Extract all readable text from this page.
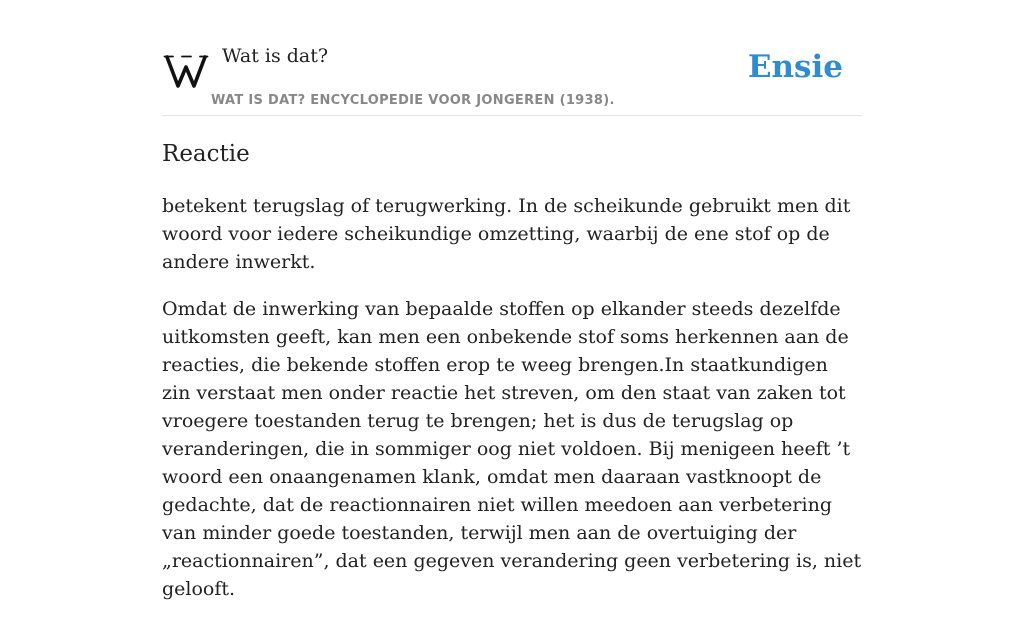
Wat is dat?
WAT IS DAT? ENCYCLOPEDIE VOOR JONGEREN (1938).
Ensie
Reactie

betekent terugslag of terugwerking. In de scheikunde gebruikt men dit woord voor iedere scheikundige omzetting, waarbij de ene stof op de andere inwerkt.

Omdat de inwerking van bepaalde stoffen op elkander steeds dezelfde uitkomsten geeft, kan men een onbekende stof soms herkennen aan de reacties, die bekende stoffen erop te weeg brengen.In staatkundigen zin verstaat men onder reactie het streven, om den staat van zaken tot vroegere toestanden terug te brengen; het is dus de terugslag op veranderingen, die in sommiger oog niet voldoen. Bij menigeen heeft ’t woord een onaangenamen klank, omdat men daaraan vastknoopt de gedachte, dat de reactionnairen niet willen meedoen aan verbetering van minder goede toestanden, terwijl men aan de overtuiging der „reactionnairen”, dat een gegeven verandering geen verbetering is, niet gelooft.
